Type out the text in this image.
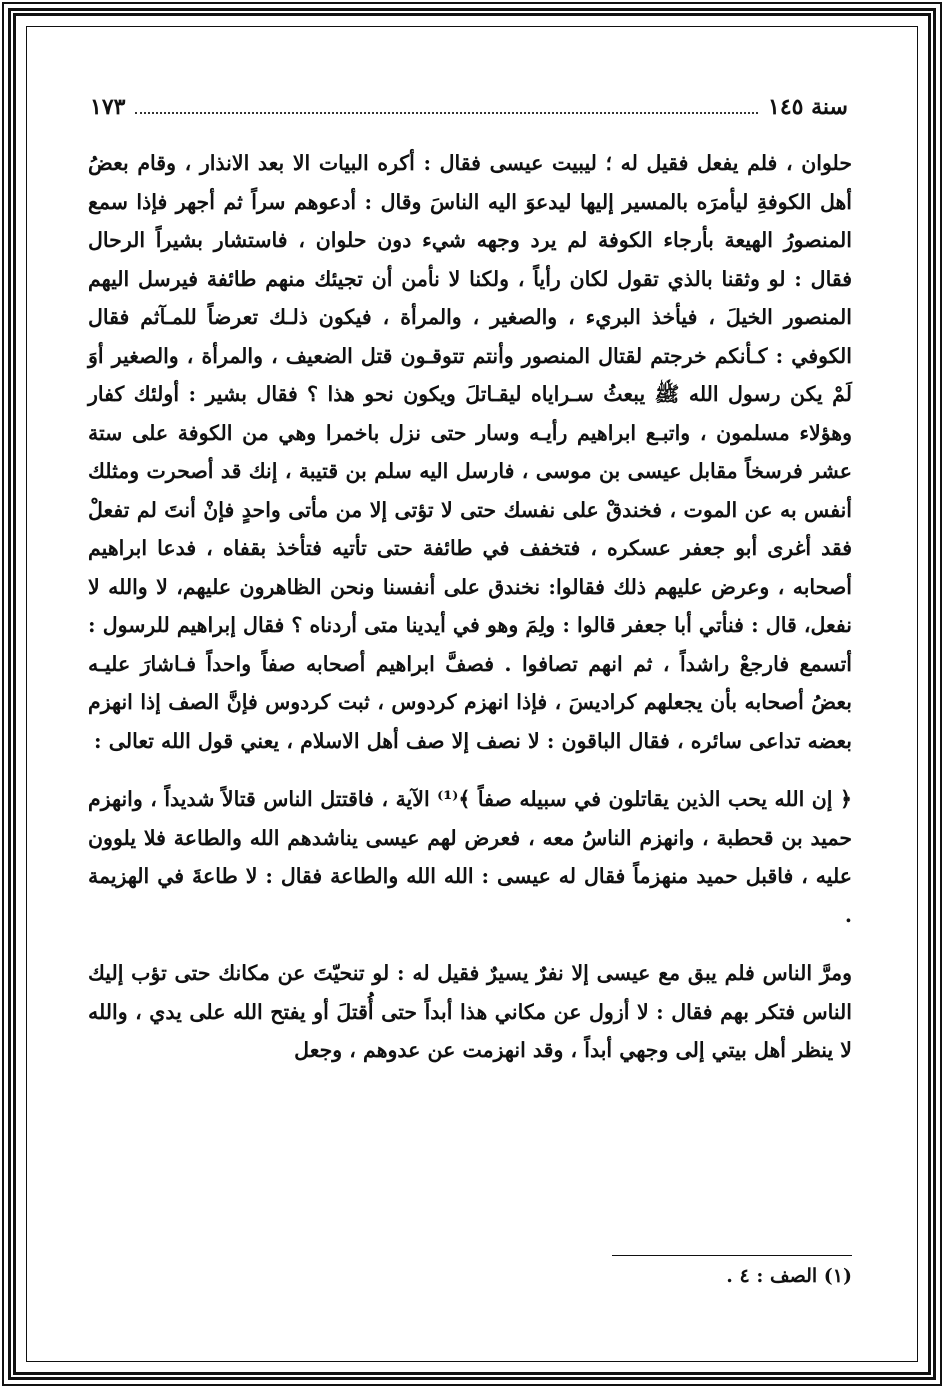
سنة ١٤٥
١٧٣

حلوان ، فلم يفعل فقيل له ؛ ليبيت عيسى فقال : أكره البيات الا بعد الانذار ، وقام بعضُ أهل الكوفةِ ليأمرَه بالمسير إليها ليدعوَ اليه الناسَ وقال : أدعوهم سراً ثم أجهر فإذا سمع المنصورُ الهيعة بأرجاء الكوفة لم يرد وجهه شيء دون حلوان ، فاستشار بشيراً الرحال فقال : لو وثقنا بالذي تقول لكان رأياً ، ولكنا لا نأمن أن تجيئك منهم طائفة فيرسل اليهم المنصور الخيلَ ، فيأخذ البريء ، والصغير ، والمرأة ، فيكون ذلـك تعرضاً للمـآثم فقال الكوفي : كـأنكم خرجتم لقتال المنصور وأنتم تتوقـون قتل الضعيف ، والمرأة ، والصغير أوَ لَمْ يكن رسول الله ﷺ يبعثُ سـراياه ليقـاتلَ ويكون نحو هذا ؟ فقال بشير : أولئك كفار وهؤلاء مسلمون ، واتبـع ابراهيم رأيـه وسار حتى نزل باخمرا وهي من الكوفة على ستة عشر فرسخاً مقابل عيسى بن موسى ، فارسل اليه سلم بن قتيبة ، إنك قد أصحرت ومثلك أنفس به عن الموت ، فخندقْ على نفسك حتى لا تؤتى إلا من مأتى واحدٍ فإنْ أنتَ لم تفعلْ فقد أغرى أبو جعفر عسكره ، فتخفف في طائفة حتى تأتيه فتأخذ بقفاه ، فدعا ابراهيم أصحابه ، وعرض عليهم ذلك فقالوا: نخندق على أنفسنا ونحن الظاهرون عليهم، لا والله لا نفعل، قال : فنأتي أبا جعفر قالوا : ولِمَ وهو في أيدينا متى أردناه ؟ فقال إبراهيم للرسول : أتسمع فارجعْ راشداً ، ثم انهم تصافوا . فصفَّ ابراهيم أصحابه صفاً واحداً فـاشارَ عليـه بعضُ أصحابه بأن يجعلهم كراديسَ ، فإذا انهزم كردوس ، ثبت كردوس فإنَّ الصف إذا انهزم بعضه تداعى سائره ، فقال الباقون : لا نصف إلا صف أهل الاسلام ، يعني قول الله تعالى :

﴿ إن الله يحب الذين يقاتلون في سبيله صفاً ﴾⁽¹⁾ الآية ، فاقتتل الناس قتالاً شديداً ، وانهزم حميد بن قحطبة ، وانهزم الناسُ معه ، فعرض لهم عيسى يناشدهم الله والطاعة فلا يلوون عليه ، فاقبل حميد منهزماً فقال له عيسى : الله الله والطاعة فقال : لا طاعةَ في الهزيمة .

ومرَّ الناس فلم يبق مع عيسى إلا نفرٌ يسيرٌ فقيل له : لو تنحيّتَ عن مكانك حتى تؤب إليك الناس فتكر بهم فقال : لا أزول عن مكاني هذا أبداً حتى أُقتلَ أو يفتح الله على يدي ، والله لا ينظر أهل بيتي إلى وجهي أبداً ، وقد انهزمت عن عدوهم ، وجعل

(١) الصف : ٤ .
